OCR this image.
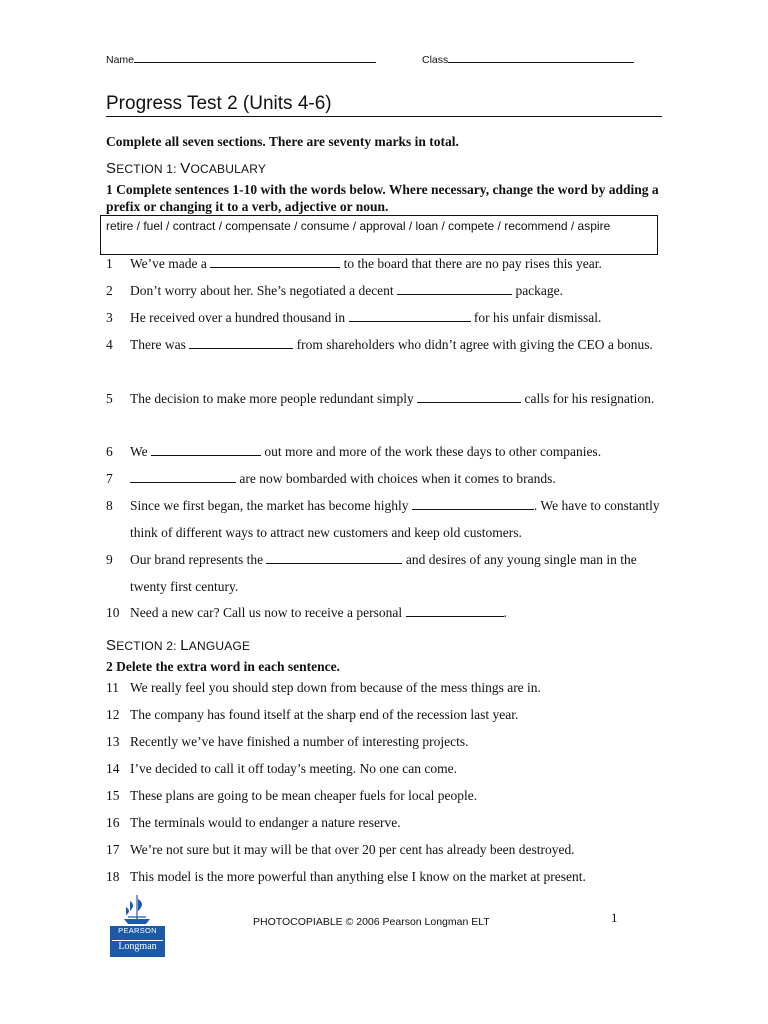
Name	Class
Progress Test 2 (Units 4-6)
Complete all seven sections. There are seventy marks in total.
SECTION 1: VOCABULARY
1 Complete sentences 1-10 with the words below. Where necessary, change the word by adding a prefix or changing it to a verb, adjective or noun.
retire / fuel / contract / compensate / consume / approval / loan / compete / recommend / aspire
1 We’ve made a	to the board that there are no pay rises this year.
2 Don’t worry about her. She’s negotiated a decent	package.
3 He received over a hundred thousand in	for his unfair dismissal.
4 There was	from shareholders who didn’t agree with giving the CEO a bonus.
5 The decision to make more people redundant simply	calls for his resignation.
6 We	out more and more of the work these days to other companies.
7	are now bombarded with choices when it comes to brands.
8 Since we first began, the market has become highly	. We have to constantly think of different ways to attract new customers and keep old customers.
9 Our brand represents the	and desires of any young single man in the twenty first century.
10 Need a new car? Call us now to receive a personal	.
SECTION 2: LANGUAGE
2 Delete the extra word in each sentence.
11 We really feel you should step down from because of the mess things are in.
12 The company has found itself at the sharp end of the recession last year.
13 Recently we’ve have finished a number of interesting projects.
14 I’ve decided to call it off today’s meeting. No one can come.
15 These plans are going to be mean cheaper fuels for local people.
16 The terminals would to endanger a nature reserve.
17 We’re not sure but it may will be that over 20 per cent has already been destroyed.
18 This model is the more powerful than anything else I know on the market at present.
PEARSON
Longman
PHOTOCOPIABLE © 2006 Pearson Longman ELT	1
